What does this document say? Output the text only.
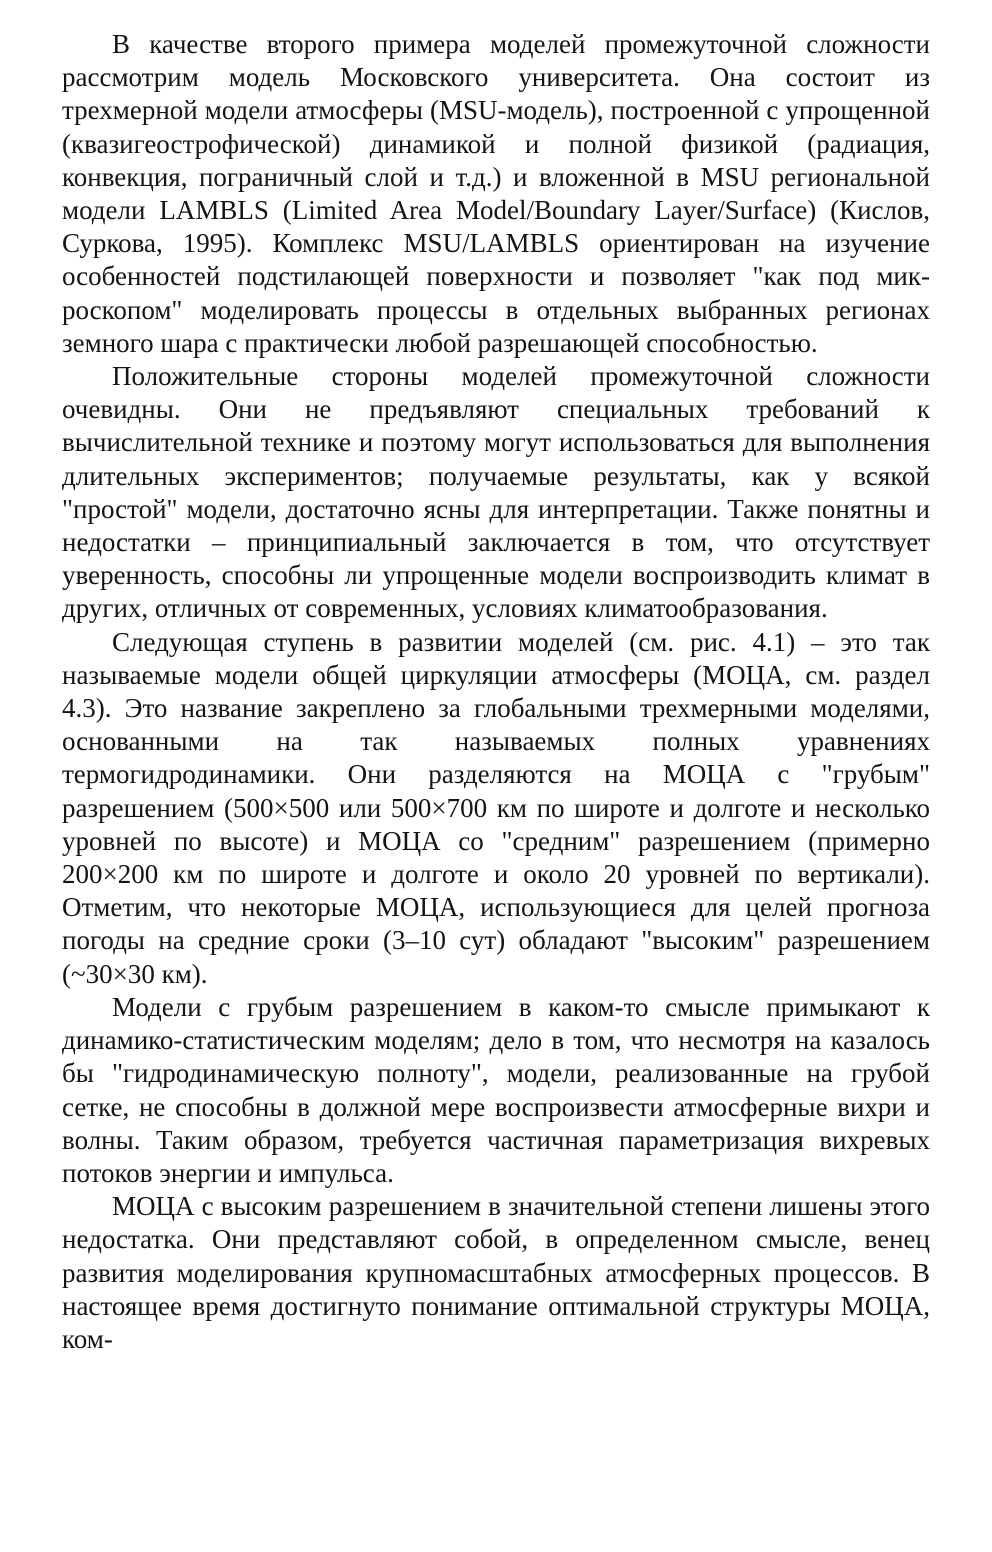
В качестве второго примера моделей промежуточной сложности рассмотрим модель Московского университета. Она состоит из трехмерной модели атмосферы (MSU-модель), построенной с упрощенной (квазигеострофической) динамикой и полной физикой (радиация, конвекция, пограничный слой и т.д.) и вложенной в MSU региональной модели LAMBLS (Limited Area Model/Boundary Layer/Surface) (Кислов, Суркова, 1995). Комплекс MSU/LAMBLS ориентирован на изучение особенностей подстилающей поверхности и позволяет "как под микроскопом" моделировать процессы в отдельных выбранных регионах земного шара с практически любой разрешающей способностью.

Положительные стороны моделей промежуточной сложности очевидны. Они не предъявляют специальных требований к вычислительной технике и поэтому могут использоваться для выполнения длительных экспериментов; получаемые результаты, как у всякой "простой" модели, достаточно ясны для интерпретации. Также понятны и недостатки – принципиальный заключается в том, что отсутствует уверенность, способны ли упрощенные модели воспроизводить климат в других, отличных от современных, условиях климатообразования.

Следующая ступень в развитии моделей (см. рис. 4.1) – это так называемые модели общей циркуляции атмосферы (МОЦА, см. раздел 4.3). Это название закреплено за глобальными трехмерными моделями, основанными на так называемых полных уравнениях термогидродинамики. Они разделяются на МОЦА с "грубым" разрешением (500×500 или 500×700 км по широте и долготе и несколько уровней по высоте) и МОЦА со "средним" разрешением (примерно 200×200 км по широте и долготе и около 20 уровней по вертикали). Отметим, что некоторые МОЦА, использующиеся для целей прогноза погоды на средние сроки (3–10 сут) обладают "высоким" разрешением (~30×30 км).

Модели с грубым разрешением в каком-то смысле примыкают к динамико-статистическим моделям; дело в том, что несмотря на казалось бы "гидродинамическую полноту", модели, реализованные на грубой сетке, не способны в должной мере воспроизвести атмосферные вихри и волны. Таким образом, требуется частичная параметризация вихревых потоков энергии и импульса.

МОЦА с высоким разрешением в значительной степени лишены этого недостатка. Они представляют собой, в определенном смысле, венец развития моделирования крупномасштабных атмосферных процессов. В настоящее время достигнуто понимание оптимальной структуры МОЦА, ком-
